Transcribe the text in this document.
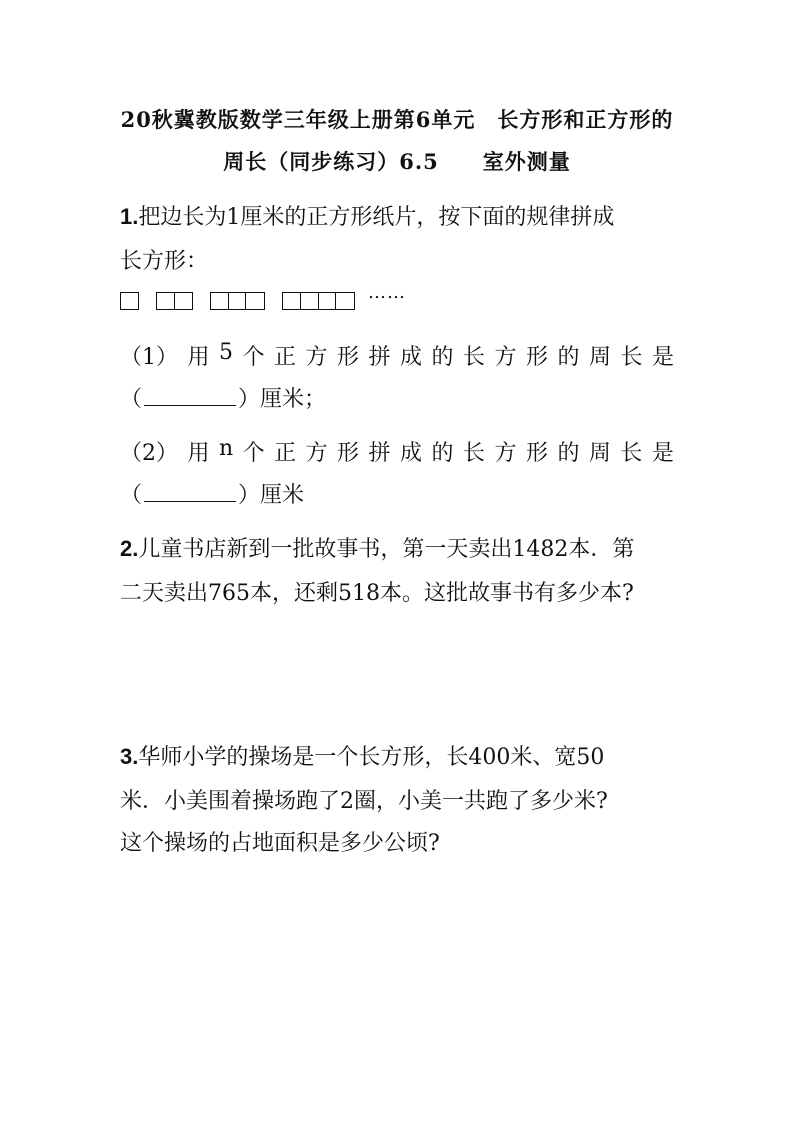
20秋冀教版数学三年级上册第6单元　长方形和正方形的
周长（同步练习）6.5　　室外测量
1.把边长为1厘米的正方形纸片，按下面的规律拼成
长方形：
……
（1） 用 5 个 正 方 形 拼 成 的 长 方 形 的 周 长 是
（	）厘米；
（2） 用 n 个 正 方 形 拼 成 的 长 方 形 的 周 长 是
（	）厘米
2.儿童书店新到一批故事书，第一天卖出1482本．第
二天卖出765本，还剩518本。这批故事书有多少本?
3.华师小学的操场是一个长方形，长400米、宽50
米．小美围着操场跑了2圈，小美一共跑了多少米?
这个操场的占地面积是多少公顷?
